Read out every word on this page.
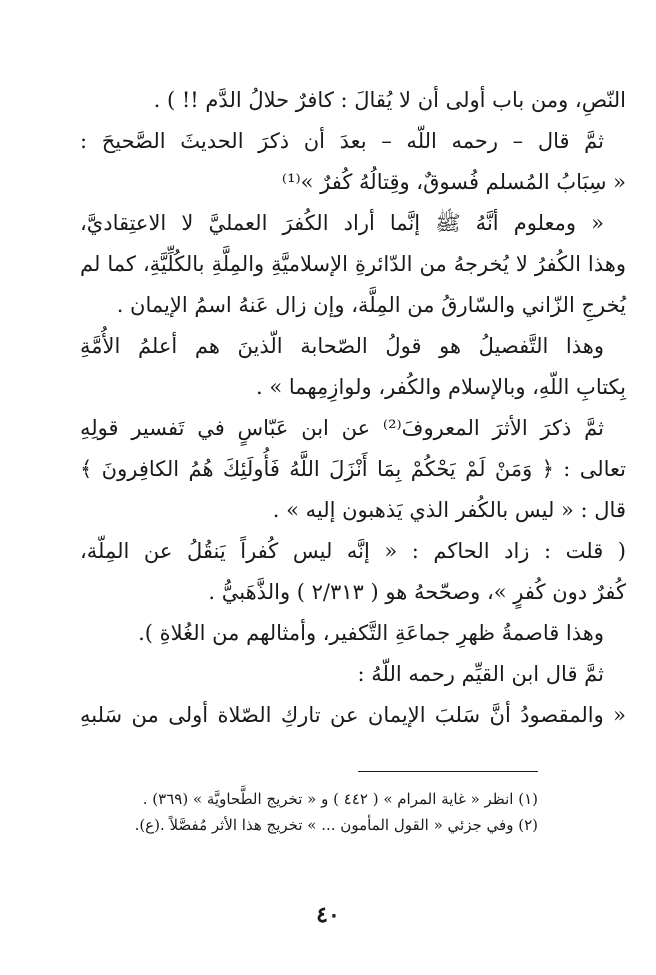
النّصِ، ومن باب أولى أن لا يُقالَ : كافرٌ حلالُ الدَّم !! ) .
ثمَّ قال – رحمه اللّه – بعدَ أن ذكرَ الحديثَ الصَّحيحَ :
« سِبَابُ المُسلم فُسوقٌ، وقِتالُهُ كُفرٌ »⁽¹⁾
« ومعلوم أنَّهُ ﷺ إنَّما أراد الكُفرَ العمليَّ لا الاعتِقاديَّ،
وهذا الكُفرُ لا يُخرجهُ من الدّائرةِ الإسلاميَّةِ والمِلَّةِ بالكُلِّيَّةِ، كما لم
يُخرجِ الزّاني والسّارقُ من المِلَّة، وإن زال عَنهُ اسمُ الإيمان .
وهذا التَّفصيلُ هو قولُ الصّحابة الّذينَ هم أعلمُ الأُمَّةِ
بِكتابِ اللّهِ، وبالإسلام والكُفر، ولوازِمِهما » .
ثمَّ ذكرَ الأثرَ المعروفَ⁽²⁾ عن ابن عَبّاسٍ في تَفسير قولِهِ
تعالى : ﴿ وَمَنْ لَمْ يَحْكُمْ بِمَا أَنْزَلَ اللَّهُ فَأُولَئِكَ هُمُ الكافِرونَ ﴾
قال : « ليس بالكُفر الذي يَذهبون إليه » .
( قلت : زاد الحاكم : « إنَّه ليس كُفراً يَنقُلُ عن المِلّة،
كُفرٌ دون كُفرٍ »، وصحّحهُ هو ( ٢/٣١٣ ) والذَّهَبيُّ .
وهذا قاصمةُ ظهرِ جماعَةِ التَّكفير، وأمثالهم من الغُلاةِ ).
ثمَّ قال ابن القيِّم رحمه اللّهُ :
« والمقصودُ أنَّ سَلبَ الإيمان عن تاركِ الصّلاة أولى من سَلبهِ
(١) انظر « غاية المرام » ( ٤٤٢ ) و « تخريج الطَّحاويَّة » (٣٦٩) .
(٢) وفي جزئي « القول المأمون ... » تخريج هذا الأثر مُفصَّلاً .(ع).
٤٠
